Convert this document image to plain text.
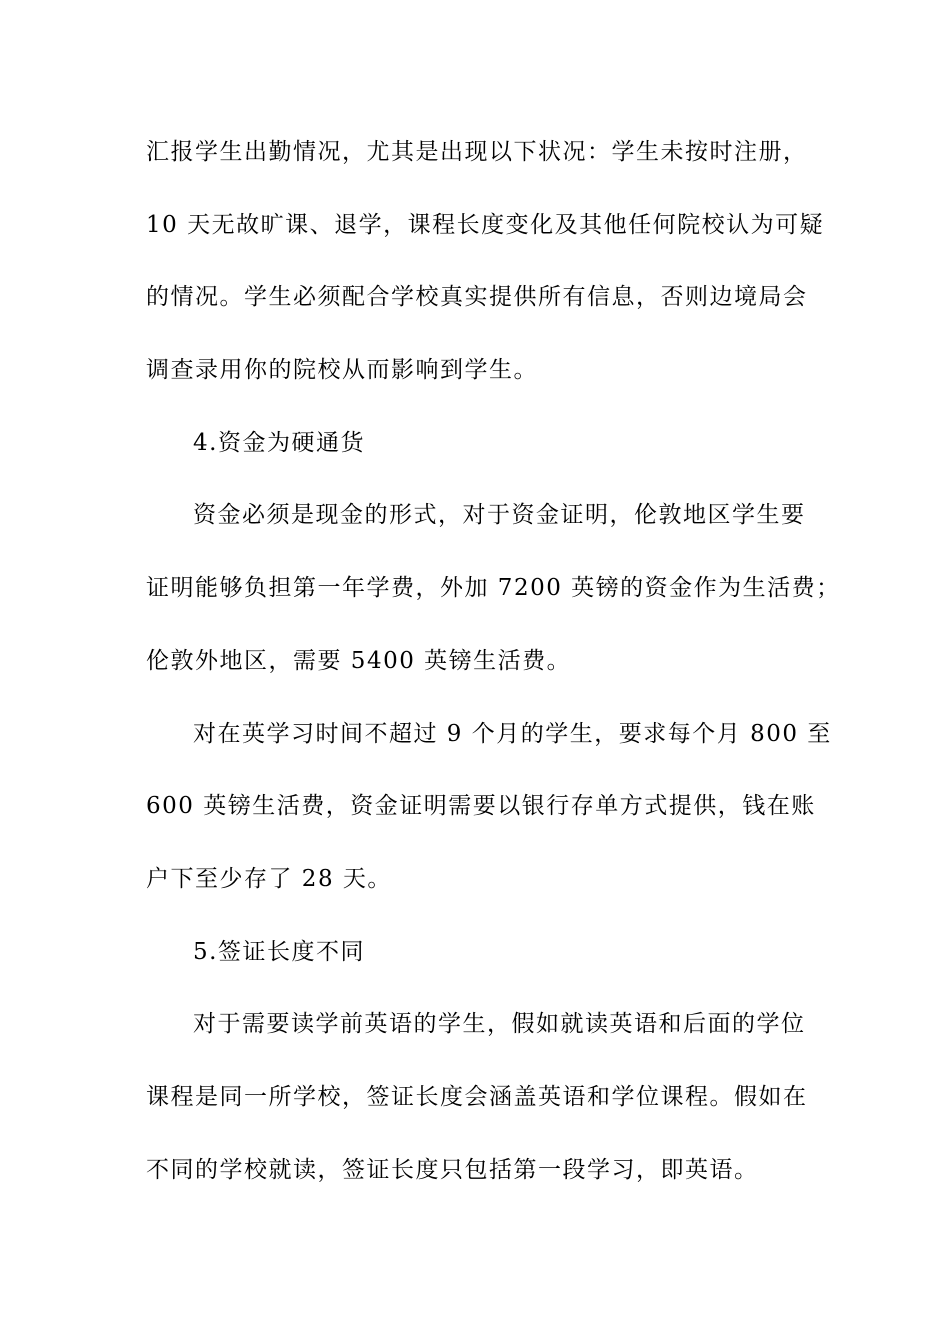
汇报学生出勤情况，尤其是出现以下状况：学生未按时注册，
10 天无故旷课、退学，课程长度变化及其他任何院校认为可疑
的情况。学生必须配合学校真实提供所有信息，否则边境局会
调查录用你的院校从而影响到学生。
4.资金为硬通货
资金必须是现金的形式，对于资金证明，伦敦地区学生要
证明能够负担第一年学费，外加 7200 英镑的资金作为生活费；
伦敦外地区，需要 5400 英镑生活费。
对在英学习时间不超过 9 个月的学生，要求每个月 800 至
600 英镑生活费，资金证明需要以银行存单方式提供，钱在账
户下至少存了 28 天。
5.签证长度不同
对于需要读学前英语的学生，假如就读英语和后面的学位
课程是同一所学校，签证长度会涵盖英语和学位课程。假如在
不同的学校就读，签证长度只包括第一段学习，即英语。
